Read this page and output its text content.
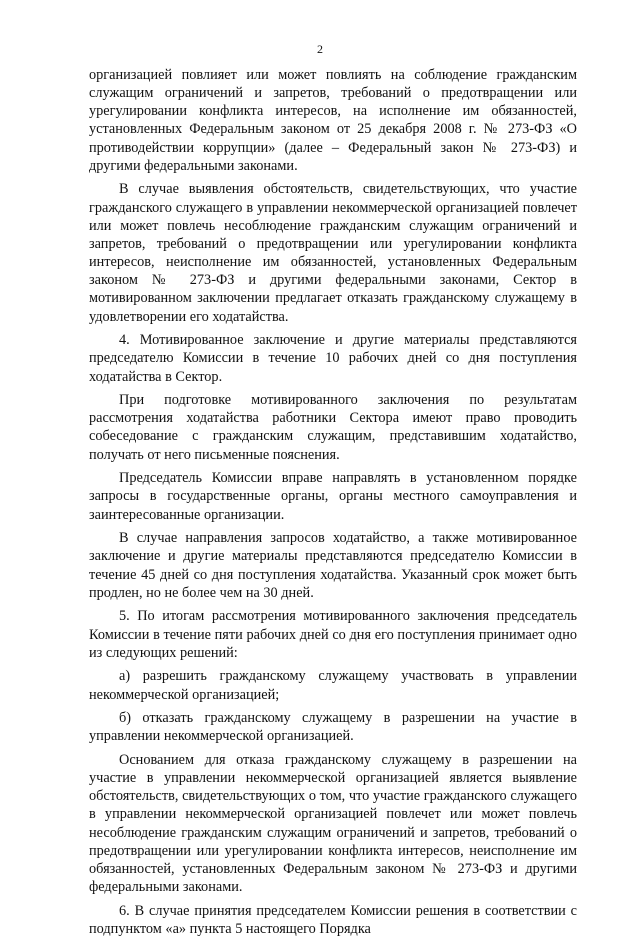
2

организацией повлияет или может повлиять на соблюдение гражданским служащим ограничений и запретов, требований о предотвращении или урегулировании конфликта интересов, на исполнение им обязанностей, установленных Федеральным законом от 25 декабря 2008 г. № 273-ФЗ «О противодействии коррупции» (далее – Федеральный закон № 273-ФЗ) и другими федеральными законами.

В случае выявления обстоятельств, свидетельствующих, что участие гражданского служащего в управлении некоммерческой организацией повлечет или может повлечь несоблюдение гражданским служащим ограничений и запретов, требований о предотвращении или урегулировании конфликта интересов, неисполнение им обязанностей, установленных Федеральным законом № 273-ФЗ и другими федеральными законами, Сектор в мотивированном заключении предлагает отказать гражданскому служащему в удовлетворении его ходатайства.

4. Мотивированное заключение и другие материалы представляются председателю Комиссии в течение 10 рабочих дней со дня поступления ходатайства в Сектор.

При подготовке мотивированного заключения по результатам рассмотрения ходатайства работники Сектора имеют право проводить собеседование с гражданским служащим, представившим ходатайство, получать от него письменные пояснения.

Председатель Комиссии вправе направлять в установленном порядке запросы в государственные органы, органы местного самоуправления и заинтересованные организации.

В случае направления запросов ходатайство, а также мотивированное заключение и другие материалы представляются председателю Комиссии в течение 45 дней со дня поступления ходатайства. Указанный срок может быть продлен, но не более чем на 30 дней.

5. По итогам рассмотрения мотивированного заключения председатель Комиссии в течение пяти рабочих дней со дня его поступления принимает одно из следующих решений:

а) разрешить гражданскому служащему участвовать в управлении некоммерческой организацией;

б) отказать гражданскому служащему в разрешении на участие в управлении некоммерческой организацией.

Основанием для отказа гражданскому служащему в разрешении на участие в управлении некоммерческой организацией является выявление обстоятельств, свидетельствующих о том, что участие гражданского служащего в управлении некоммерческой организацией повлечет или может повлечь несоблюдение гражданским служащим ограничений и запретов, требований о предотвращении или урегулировании конфликта интересов, неисполнение им обязанностей, установленных Федеральным законом № 273-ФЗ и другими федеральными законами.

6. В случае принятия председателем Комиссии решения в соответствии с подпунктом «а» пункта 5 настоящего Порядка
